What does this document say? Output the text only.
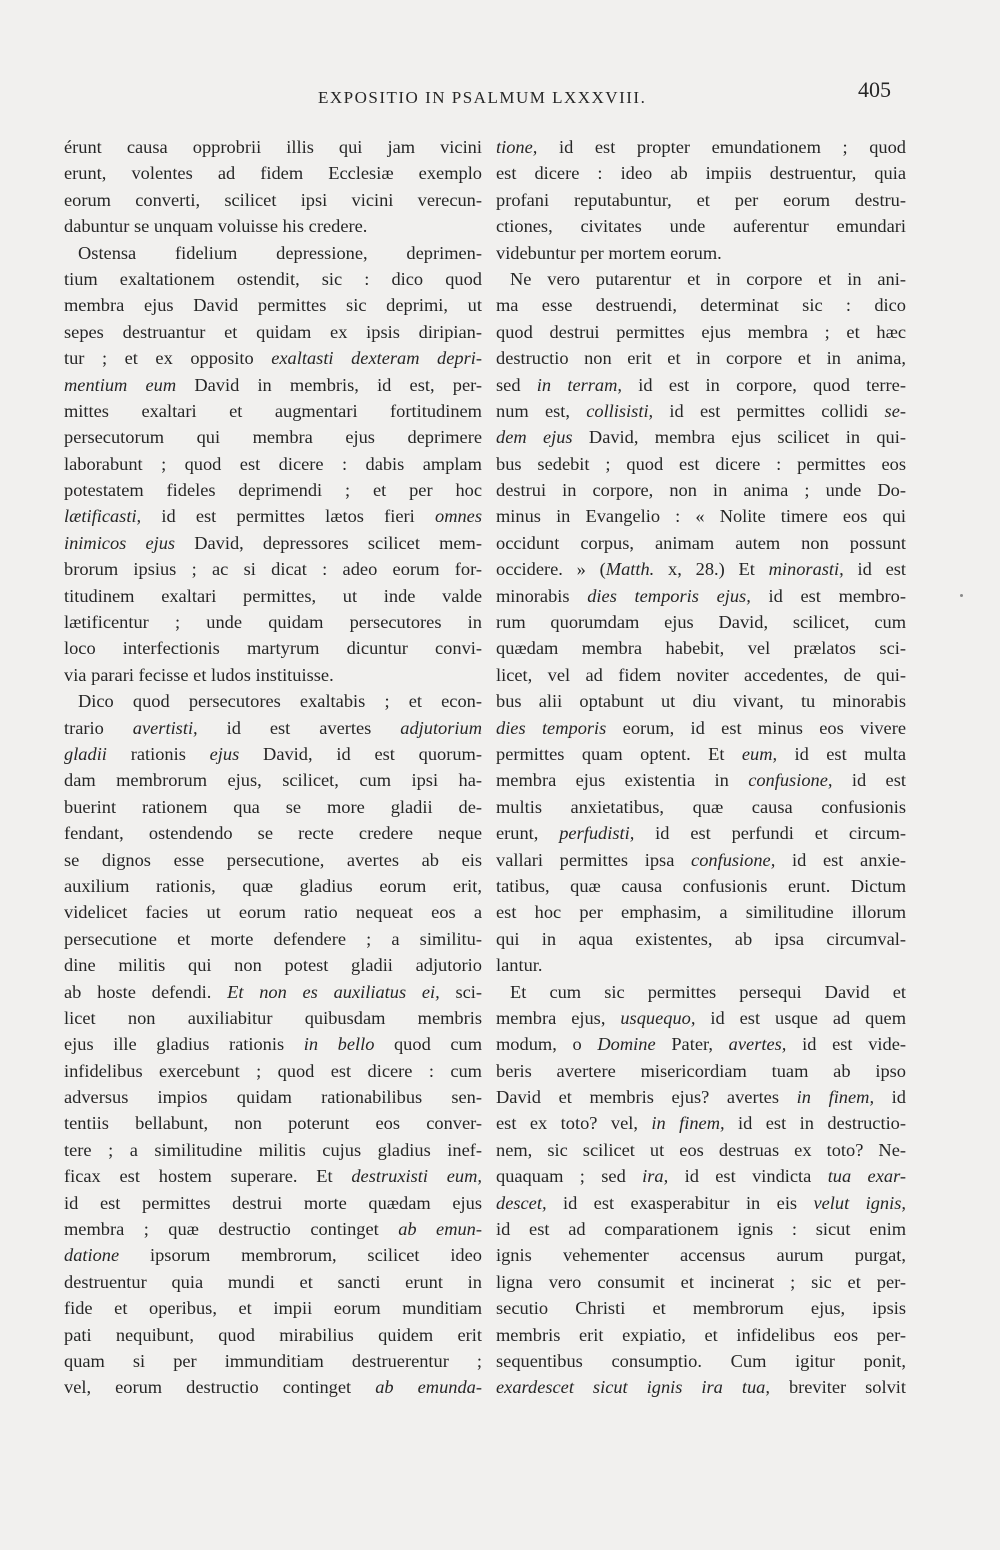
EXPOSITIO IN PSALMUM LXXXVIII.	405
érunt causa opprobrii illis qui jam vicini
erunt, volentes ad fidem Ecclesiæ exemplo
eorum converti, scilicet ipsi vicini verecun-
dabuntur se unquam voluisse his credere.
Ostensa fidelium depressione, deprimen-
tium exaltationem ostendit, sic : dico quod
membra ejus David permittes sic deprimi, ut
sepes destruantur et quidam ex ipsis diripian-
tur ; et ex opposito exaltasti dexteram depri-
mentium eum David in membris, id est, per-
mittes exaltari et augmentari fortitudinem
persecutorum qui membra ejus deprimere
laborabunt ; quod est dicere : dabis amplam
potestatem fideles deprimendi ; et per hoc
lætificasti, id est permittes lætos fieri omnes
inimicos ejus David, depressores scilicet mem-
brorum ipsius ; ac si dicat : adeo eorum for-
titudinem exaltari permittes, ut inde valde
lætificentur ; unde quidam persecutores in
loco interfectionis martyrum dicuntur convi-
via parari fecisse et ludos instituisse.
Dico quod persecutores exaltabis ; et econ-
trario avertisti, id est avertes adjutorium
gladii rationis ejus David, id est quorum-
dam membrorum ejus, scilicet, cum ipsi ha-
buerint rationem qua se more gladii de-
fendant, ostendendo se recte credere neque
se dignos esse persecutione, avertes ab eis
auxilium rationis, quæ gladius eorum erit,
videlicet facies ut eorum ratio nequeat eos a
persecutione et morte defendere ; a similitu-
dine militis qui non potest gladii adjutorio
ab hoste defendi. Et non es auxiliatus ei, sci-
licet non auxiliabitur quibusdam membris
ejus ille gladius rationis in bello quod cum
infidelibus exercebunt ; quod est dicere : cum
adversus impios quidam rationabilibus sen-
tentiis bellabunt, non poterunt eos conver-
tere ; a similitudine militis cujus gladius inef-
ficax est hostem superare. Et destruxisti eum,
id est permittes destrui morte quædam ejus
membra ; quæ destructio continget ab emun-
datione ipsorum membrorum, scilicet ideo
destruentur quia mundi et sancti erunt in
fide et operibus, et impii eorum munditiam
pati nequibunt, quod mirabilius quidem erit
quam si per immunditiam destruerentur ;
vel, eorum destructio continget ab emunda-
tione, id est propter emundationem ; quod
est dicere : ideo ab impiis destruentur, quia
profani reputabuntur, et per eorum destru-
ctiones, civitates unde auferentur emundari
videbuntur per mortem eorum.
Ne vero putarentur et in corpore et in ani-
ma esse destruendi, determinat sic : dico
quod destrui permittes ejus membra ; et hæc
destructio non erit et in corpore et in anima,
sed in terram, id est in corpore, quod terre-
num est, collisisti, id est permittes collidi se-
dem ejus David, membra ejus scilicet in qui-
bus sedebit ; quod est dicere : permittes eos
destrui in corpore, non in anima ; unde Do-
minus in Evangelio : « Nolite timere eos qui
occidunt corpus, animam autem non possunt
occidere. » (Matth. x, 28.) Et minorasti, id est
minorabis dies temporis ejus, id est membro-
rum quorumdam ejus David, scilicet, cum
quædam membra habebit, vel prælatos sci-
licet, vel ad fidem noviter accedentes, de qui-
bus alii optabunt ut diu vivant, tu minorabis
dies temporis eorum, id est minus eos vivere
permittes quam optent. Et eum, id est multa
membra ejus existentia in confusione, id est
multis anxietatibus, quæ causa confusionis
erunt, perfudisti, id est perfundi et circum-
vallari permittes ipsa confusione, id est anxie-
tatibus, quæ causa confusionis erunt. Dictum
est hoc per emphasim, a similitudine illorum
qui in aqua existentes, ab ipsa circumval-
lantur.
Et cum sic permittes persequi David et
membra ejus, usquequo, id est usque ad quem
modum, o Domine Pater, avertes, id est vide-
beris avertere misericordiam tuam ab ipso
David et membris ejus? avertes in finem, id
est ex toto? vel, in finem, id est in destructio-
nem, sic scilicet ut eos destruas ex toto? Ne-
quaquam ; sed ira, id est vindicta tua exar-
descet, id est exasperabitur in eis velut ignis,
id est ad comparationem ignis : sicut enim
ignis vehementer accensus aurum purgat,
ligna vero consumit et incinerat ; sic et per-
secutio Christi et membrorum ejus, ipsis
membris erit expiatio, et infidelibus eos per-
sequentibus consumptio. Cum igitur ponit,
exardescet sicut ignis ira tua, breviter solvit
